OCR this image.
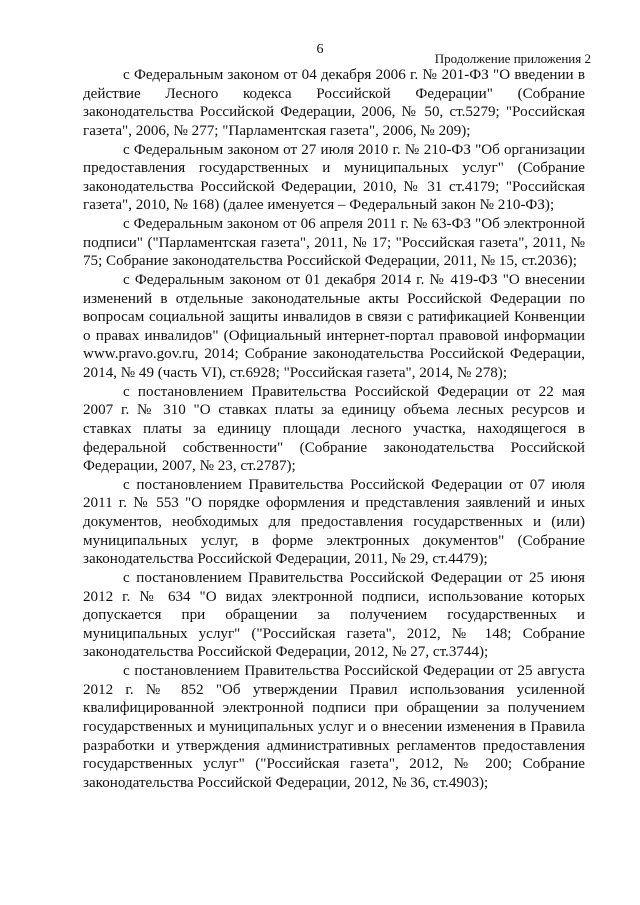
6
Продолжение приложения 2

с Федеральным законом от 04 декабря 2006 г. № 201-ФЗ "О введении в действие Лесного кодекса Российской Федерации" (Собрание законодательства Российской Федерации, 2006, № 50, ст.5279; "Российская газета", 2006, № 277; "Парламентская газета", 2006, № 209);

с Федеральным законом от 27 июля 2010 г. № 210-ФЗ "Об организации предоставления государственных и муниципальных услуг" (Собрание законодательства Российской Федерации, 2010, № 31 ст.4179; "Российская газета", 2010, № 168) (далее именуется – Федеральный закон № 210-ФЗ);

с Федеральным законом от 06 апреля 2011 г. № 63-ФЗ "Об электронной подписи" ("Парламентская газета", 2011, № 17; "Российская газета", 2011, № 75; Собрание законодательства Российской Федерации, 2011, № 15, ст.2036);

с Федеральным законом от 01 декабря 2014 г. № 419-ФЗ "О внесении изменений в отдельные законодательные акты Российской Федерации по вопросам социальной защиты инвалидов в связи с ратификацией Конвенции о правах инвалидов" (Официальный интернет-портал правовой информации www.pravo.gov.ru, 2014; Собрание законодательства Российской Федерации, 2014, № 49 (часть VI), ст.6928; "Российская газета", 2014, № 278);

с постановлением Правительства Российской Федерации от 22 мая 2007 г. № 310 "О ставках платы за единицу объема лесных ресурсов и ставках платы за единицу площади лесного участка, находящегося в федеральной собственности" (Собрание законодательства Российской Федерации, 2007, № 23, ст.2787);

с постановлением Правительства Российской Федерации от 07 июля 2011 г. № 553 "О порядке оформления и представления заявлений и иных документов, необходимых для предоставления государственных и (или) муниципальных услуг, в форме электронных документов" (Собрание законодательства Российской Федерации, 2011, № 29, ст.4479);

с постановлением Правительства Российской Федерации от 25 июня 2012 г. № 634 "О видах электронной подписи, использование которых допускается при обращении за получением государственных и муниципальных услуг" ("Российская газета", 2012, № 148; Собрание законодательства Российской Федерации, 2012, № 27, ст.3744);

с постановлением Правительства Российской Федерации от 25 августа 2012 г. № 852 "Об утверждении Правил использования усиленной квалифицированной электронной подписи при обращении за получением государственных и муниципальных услуг и о внесении изменения в Правила разработки и утверждения административных регламентов предоставления государственных услуг" ("Российская газета", 2012, № 200; Собрание законодательства Российской Федерации, 2012, № 36, ст.4903);
